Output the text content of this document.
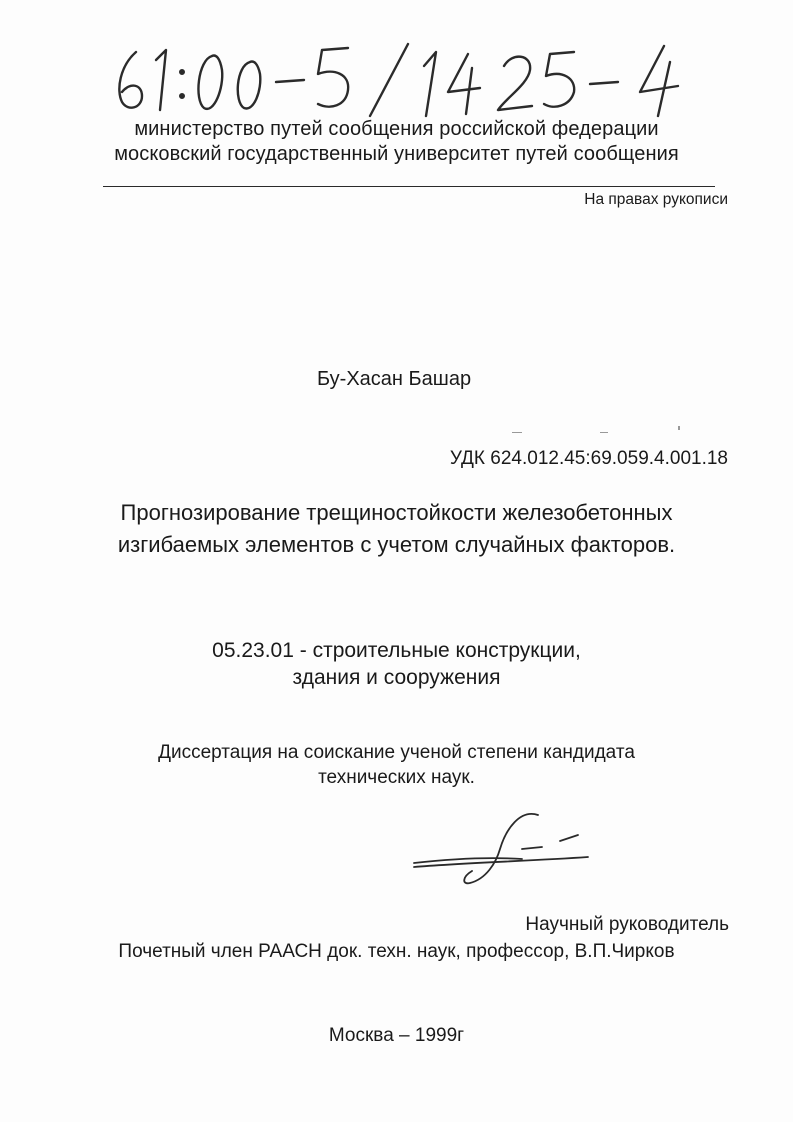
министерство путей сообщения российской федерации
московский государственный университет путей сообщения
На правах рукописи
Бу-Хасан Башар
УДК 624.012.45:69.059.4.001.18
Прогнозирование трещиностойкости железобетонных
изгибаемых элементов с учетом случайных факторов.
05.23.01 - строительные конструкции,
здания и сооружения
Диссертация на соискание ученой степени кандидата
технических наук.
Научный руководитель
Почетный член РААСН док. техн. наук, профессор, В.П.Чирков
Москва – 1999г
